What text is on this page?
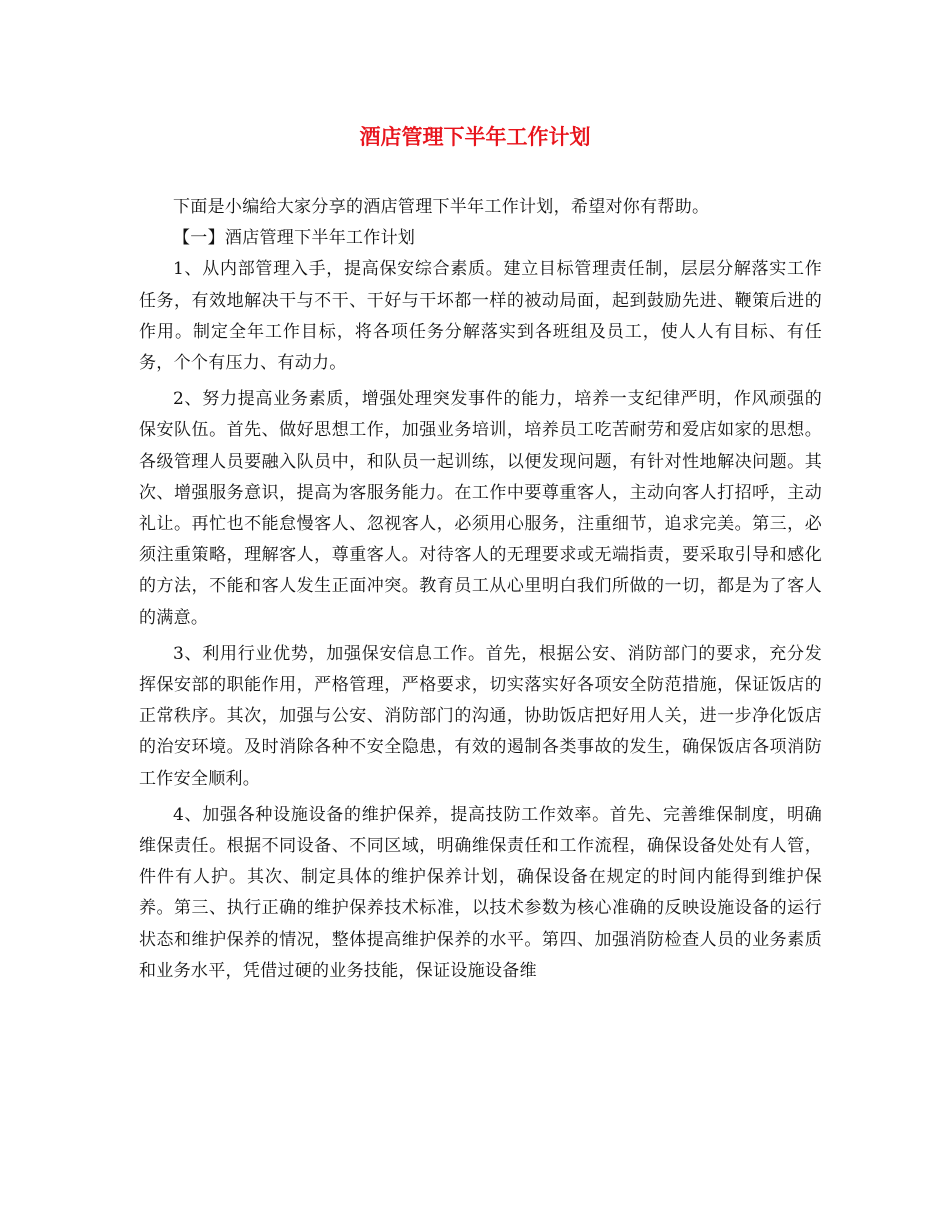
酒店管理下半年工作计划

下面是小编给大家分享的酒店管理下半年工作计划，希望对你有帮助。

【一】酒店管理下半年工作计划

1、从内部管理入手，提高保安综合素质。建立目标管理责任制，层层分解落实工作任务，有效地解决干与不干、干好与干坏都一样的被动局面，起到鼓励先进、鞭策后进的作用。制定全年工作目标，将各项任务分解落实到各班组及员工，使人人有目标、有任务，个个有压力、有动力。

2、努力提高业务素质，增强处理突发事件的能力，培养一支纪律严明，作风顽强的保安队伍。首先、做好思想工作，加强业务培训，培养员工吃苦耐劳和爱店如家的思想。各级管理人员要融入队员中，和队员一起训练，以便发现问题，有针对性地解决问题。其次、增强服务意识，提高为客服务能力。在工作中要尊重客人，主动向客人打招呼，主动礼让。再忙也不能怠慢客人、忽视客人，必须用心服务，注重细节，追求完美。第三，必须注重策略，理解客人，尊重客人。对待客人的无理要求或无端指责，要采取引导和感化的方法，不能和客人发生正面冲突。教育员工从心里明白我们所做的一切，都是为了客人的满意。

3、利用行业优势，加强保安信息工作。首先，根据公安、消防部门的要求，充分发挥保安部的职能作用，严格管理，严格要求，切实落实好各项安全防范措施，保证饭店的正常秩序。其次，加强与公安、消防部门的沟通，协助饭店把好用人关，进一步净化饭店的治安环境。及时消除各种不安全隐患，有效的遏制各类事故的发生，确保饭店各项消防工作安全顺利。

4、加强各种设施设备的维护保养，提高技防工作效率。首先、完善维保制度，明确维保责任。根据不同设备、不同区域，明确维保责任和工作流程，确保设备处处有人管，件件有人护。其次、制定具体的维护保养计划，确保设备在规定的时间内能得到维护保养。第三、执行正确的维护保养技术标准，以技术参数为核心准确的反映设施设备的运行状态和维护保养的情况，整体提高维护保养的水平。第四、加强消防检查人员的业务素质和业务水平，凭借过硬的业务技能，保证设施设备维
